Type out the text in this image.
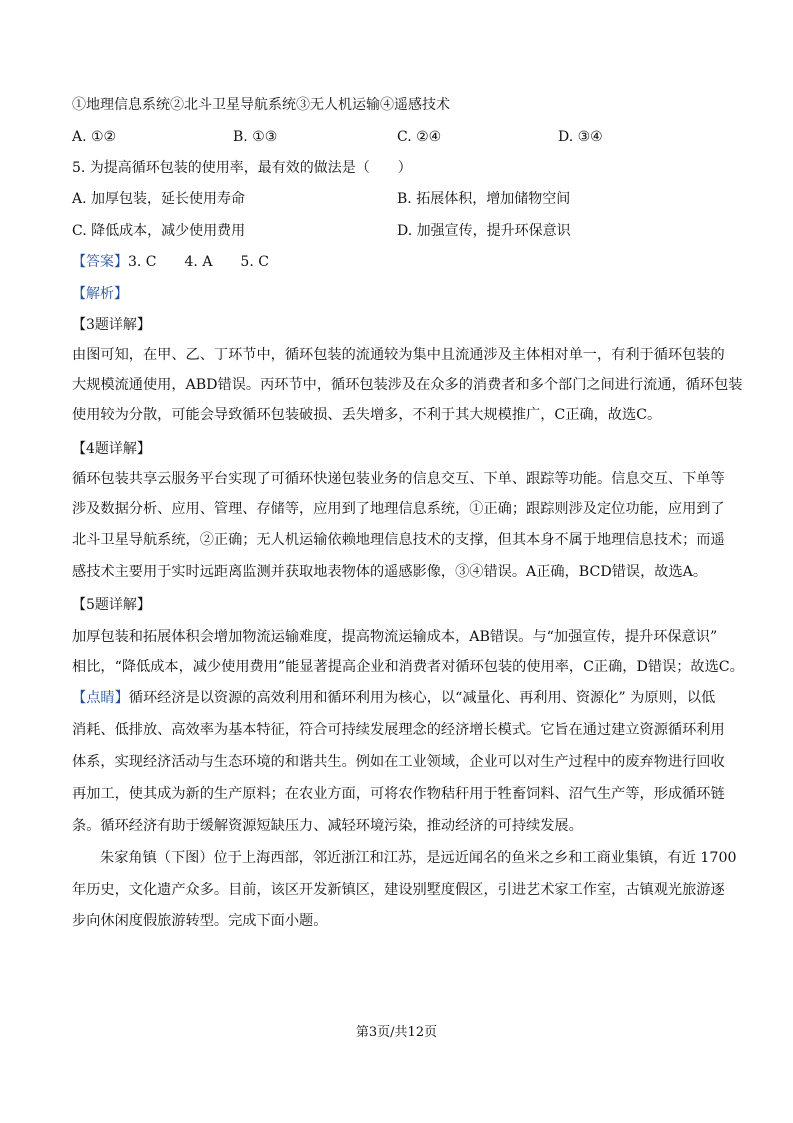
①地理信息系统②北斗卫星导航系统③无人机运输④遥感技术
A. ①②	B. ①③	C. ②④	D. ③④
5. 为提高循环包装的使用率，最有效的做法是（　　）
A. 加厚包装，延长使用寿命	B. 拓展体积，增加储物空间
C. 降低成本，减少使用费用	D. 加强宣传，提升环保意识
【答案】3. C　　4. A　　5. C
【解析】
【3题详解】
由图可知，在甲、乙、丁环节中，循环包装的流通较为集中且流通涉及主体相对单一，有利于循环包装的
大规模流通使用，ABD错误。丙环节中，循环包装涉及在众多的消费者和多个部门之间进行流通，循环包装
使用较为分散，可能会导致循环包装破损、丢失增多，不利于其大规模推广，C正确，故选C。
【4题详解】
循环包装共享云服务平台实现了可循环快递包装业务的信息交互、下单、跟踪等功能。信息交互、下单等
涉及数据分析、应用、管理、存储等，应用到了地理信息系统，①正确；跟踪则涉及定位功能，应用到了
北斗卫星导航系统，②正确；无人机运输依赖地理信息技术的支撑，但其本身不属于地理信息技术；而遥
感技术主要用于实时远距离监测并获取地表物体的遥感影像，③④错误。A正确，BCD错误，故选A。
【5题详解】
加厚包装和拓展体积会增加物流运输难度，提高物流运输成本，AB错误。与“加强宣传，提升环保意识”
相比，“降低成本，减少使用费用”能显著提高企业和消费者对循环包装的使用率，C正确，D错误；故选C。
【点睛】循环经济是以资源的高效利用和循环利用为核心，以“减量化、再利用、资源化” 为原则，以低
消耗、低排放、高效率为基本特征，符合可持续发展理念的经济增长模式。它旨在通过建立资源循环利用
体系，实现经济活动与生态环境的和谐共生。例如在工业领域，企业可以对生产过程中的废弃物进行回收
再加工，使其成为新的生产原料；在农业方面，可将农作物秸秆用于牲畜饲料、沼气生产等，形成循环链
条。循环经济有助于缓解资源短缺压力、减轻环境污染，推动经济的可持续发展。
朱家角镇（下图）位于上海西部，邻近浙江和江苏，是远近闻名的鱼米之乡和工商业集镇，有近 1700
年历史，文化遗产众多。目前，该区开发新镇区，建设别墅度假区，引进艺术家工作室，古镇观光旅游逐
步向休闲度假旅游转型。完成下面小题。
第3页/共12页
